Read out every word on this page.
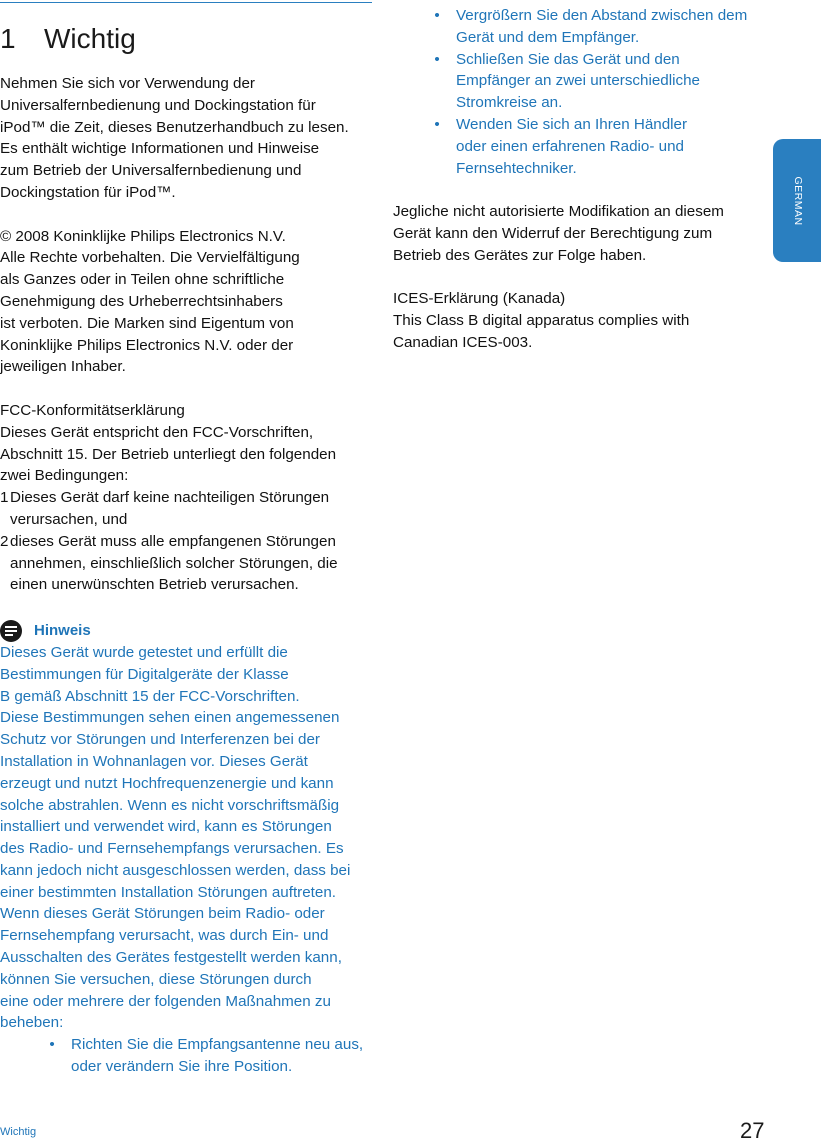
1 Wichtig

Nehmen Sie sich vor Verwendung der

Universalfernbedienung und Dockingstation für

iPod™ die Zeit, dieses Benutzerhandbuch zu lesen.

Es enthält wichtige Informationen und Hinweise

zum Betrieb der Universalfernbedienung und

Dockingstation für iPod™.

© 2008 Koninklijke Philips Electronics N.V.

Alle Rechte vorbehalten. Die Vervielfältigung

als Ganzes oder in Teilen ohne schriftliche

Genehmigung des Urheberrechtsinhabers

ist verboten. Die Marken sind Eigentum von

Koninklijke Philips Electronics N.V. oder der

jeweiligen Inhaber.

FCC-Konformitätserklärung

Dieses Gerät entspricht den FCC-Vorschriften,

Abschnitt 15. Der Betrieb unterliegt den folgenden

zwei Bedingungen:

1 Dieses Gerät darf keine nachteiligen Störungen

verursachen, und

2 dieses Gerät muss alle empfangenen Störungen

annehmen, einschließlich solcher Störungen, die

einen unerwünschten Betrieb verursachen.

Hinweis

Dieses Gerät wurde getestet und erfüllt die

Bestimmungen für Digitalgeräte der Klasse

B gemäß Abschnitt 15 der FCC-Vorschriften.

Diese Bestimmungen sehen einen angemessenen

Schutz vor Störungen und Interferenzen bei der

Installation in Wohnanlagen vor. Dieses Gerät

erzeugt und nutzt Hochfrequenzenergie und kann

solche abstrahlen. Wenn es nicht vorschriftsmäßig

installiert und verwendet wird, kann es Störungen

des Radio- und Fernsehempfangs verursachen. Es

kann jedoch nicht ausgeschlossen werden, dass bei

einer bestimmten Installation Störungen auftreten.

Wenn dieses Gerät Störungen beim Radio- oder

Fernsehempfang verursacht, was durch Ein- und

Ausschalten des Gerätes festgestellt werden kann,

können Sie versuchen, diese Störungen durch

eine oder mehrere der folgenden Maßnahmen zu

beheben:

•	Richten Sie die Empfangsantenne neu aus,

oder verändern Sie ihre Position.

•	Vergrößern Sie den Abstand zwischen dem

Gerät und dem Empfänger.

•	Schließen Sie das Gerät und den

Empfänger an zwei unterschiedliche

Stromkreise an.

•	Wenden Sie sich an Ihren Händler

oder einen erfahrenen Radio- und

Fernsehtechniker.

Jegliche nicht autorisierte Modifikation an diesem

Gerät kann den Widerruf der Berechtigung zum

Betrieb des Gerätes zur Folge haben.

ICES-Erklärung (Kanada)

This Class B digital apparatus complies with

Canadian ICES-003.

GERMAN
Wichtig	27
